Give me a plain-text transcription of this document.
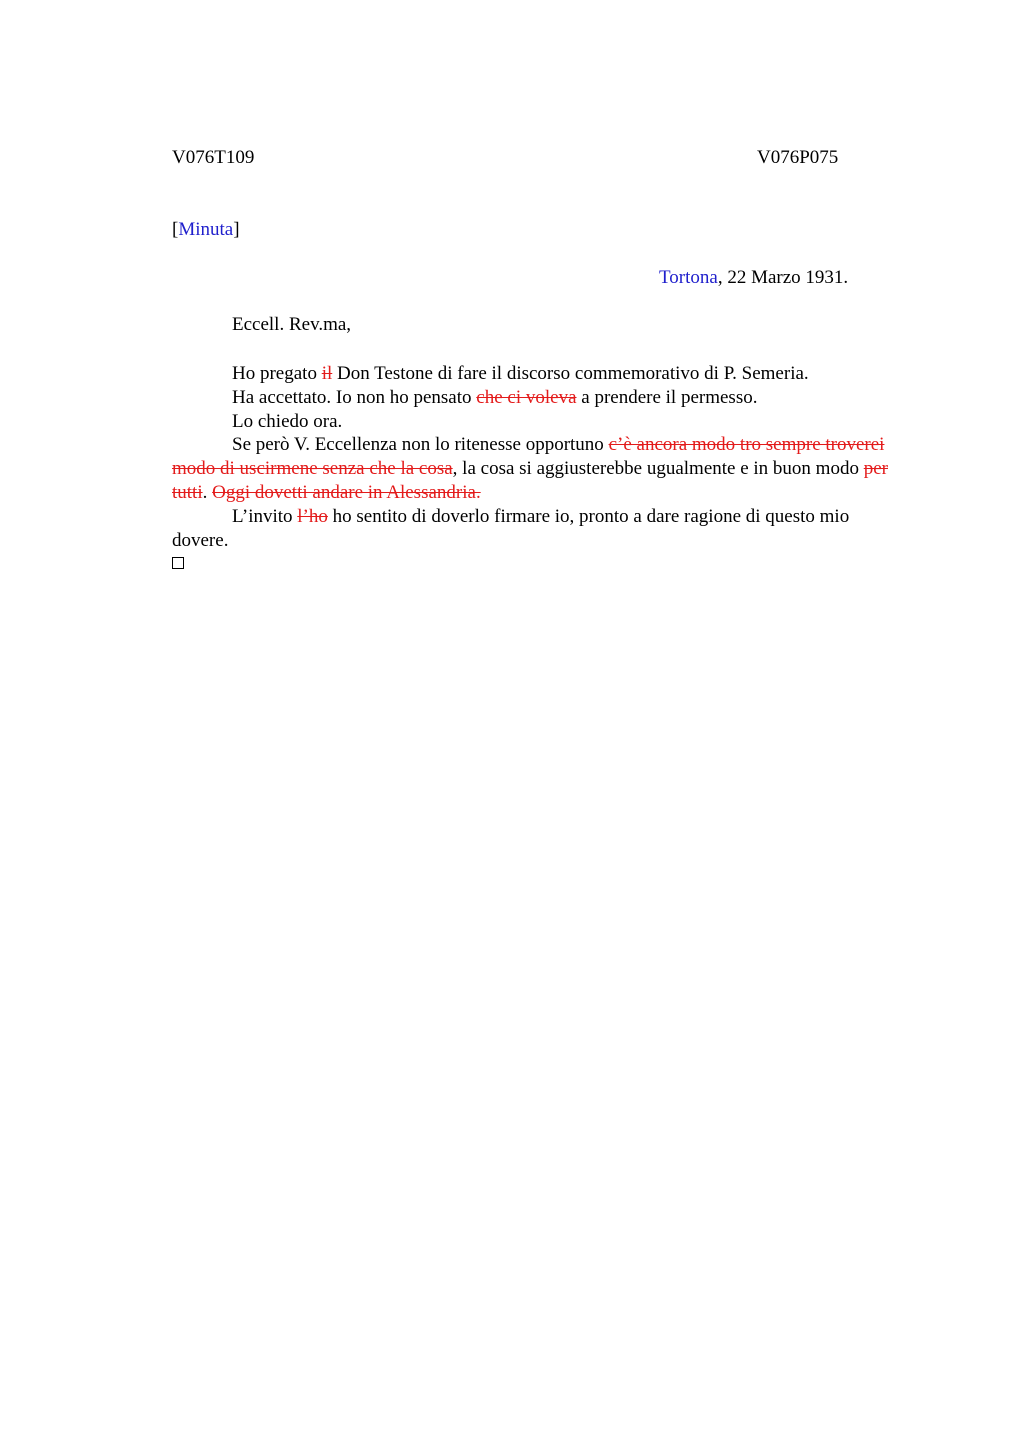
V076T109	V076P075
[Minuta]
Tortona, 22 Marzo 1931.
Eccell. Rev.ma,

Ho pregato il Don Testone di fare il discorso commemorativo di P. Semeria.

Ha accettato. Io non ho pensato che ci voleva a prendere il permesso.

Lo chiedo ora.

Se però V. Eccellenza non lo ritenesse opportuno c’è ancora modo tro sempre troverei modo di uscirmene senza che la cosa, la cosa si aggiusterebbe ugualmente e in buon modo per tutti. Oggi dovetti andare in Alessandria.

L’invito l’ho ho sentito di doverlo firmare io, pronto a dare ragione di questo mio dovere.
